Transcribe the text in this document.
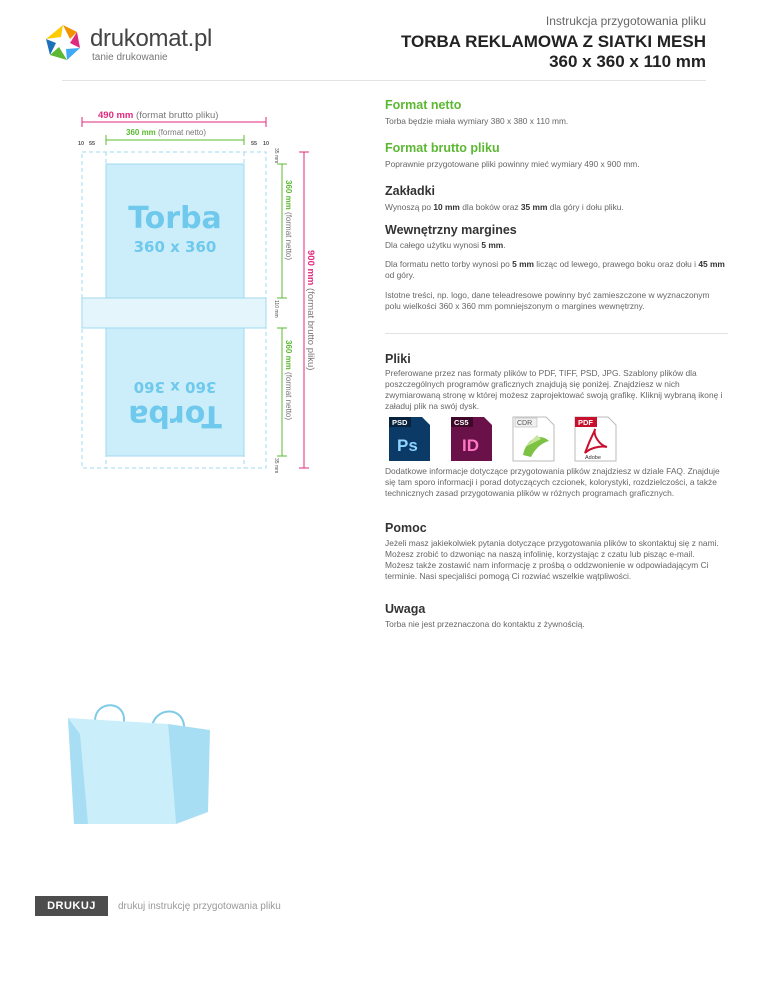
drukomat.pl
tanie drukowanie
Instrukcja przygotowania pliku
TORBA REKLAMOWA Z SIATKI MESH
360 x 360 x 110 mm
490 mm (format brutto pliku)
360 mm (format netto)
10 55	55 10
Torba
360 x 360
Torba
360 x 360
360 mm (format netto)
360 mm (format netto)
35 mm
110 mm
35 mm
900 mm (format brutto pliku)
Format netto
Torba będzie miała wymiary 380 x 380 x 110 mm.
Format brutto pliku
Poprawnie przygotowane pliki powinny mieć wymiary 490 x 900 mm.
Zakładki
Wynoszą po 10 mm dla boków oraz 35 mm dla góry i dołu pliku.
Wewnętrzny margines
Dla całego użytku wynosi 5 mm.
Dla formatu netto torby wynosi po 5 mm licząc od lewego, prawego boku oraz dołu i 45 mm od góry.
Istotne treści, np. logo, dane teleadresowe powinny być zamieszczone w wyznaczonym polu wielkości 360 x 360 mm pomniejszonym o margines wewnętrzny.
Pliki
Preferowane przez nas formaty plików to PDF, TIFF, PSD, JPG. Szablony plików dla poszczególnych programów graficznych znajdują się poniżej. Znajdziesz w nich zwymiarowaną stronę w której możesz zaprojektować swoją grafikę. Kliknij wybraną ikonę i załaduj plik na swój dysk.
PSD
Ps
CS5
ID
CDR	PDF
Adobe
Dodatkowe informacje dotyczące przygotowania plików znajdziesz w dziale FAQ. Znajduje się tam sporo informacji i porad dotyczących czcionek, kolorystyki, rozdzielczości, a także technicznych zasad przygotowania plików w różnych programach graficznych.
Pomoc
Jeżeli masz jakiekolwiek pytania dotyczące przygotowania plików to skontaktuj się z nami. Możesz zrobić to dzwoniąc na naszą infolinię, korzystając z czatu lub pisząc e-mail. Możesz także zostawić nam informację z prośbą o oddzwonienie w odpowiadającym Ci terminie. Nasi specjaliści pomogą Ci rozwiać wszelkie wątpliwości.
Uwaga
Torba nie jest przeznaczona do kontaktu z żywnością.
DRUKUJ	drukuj instrukcję przygotowania pliku
